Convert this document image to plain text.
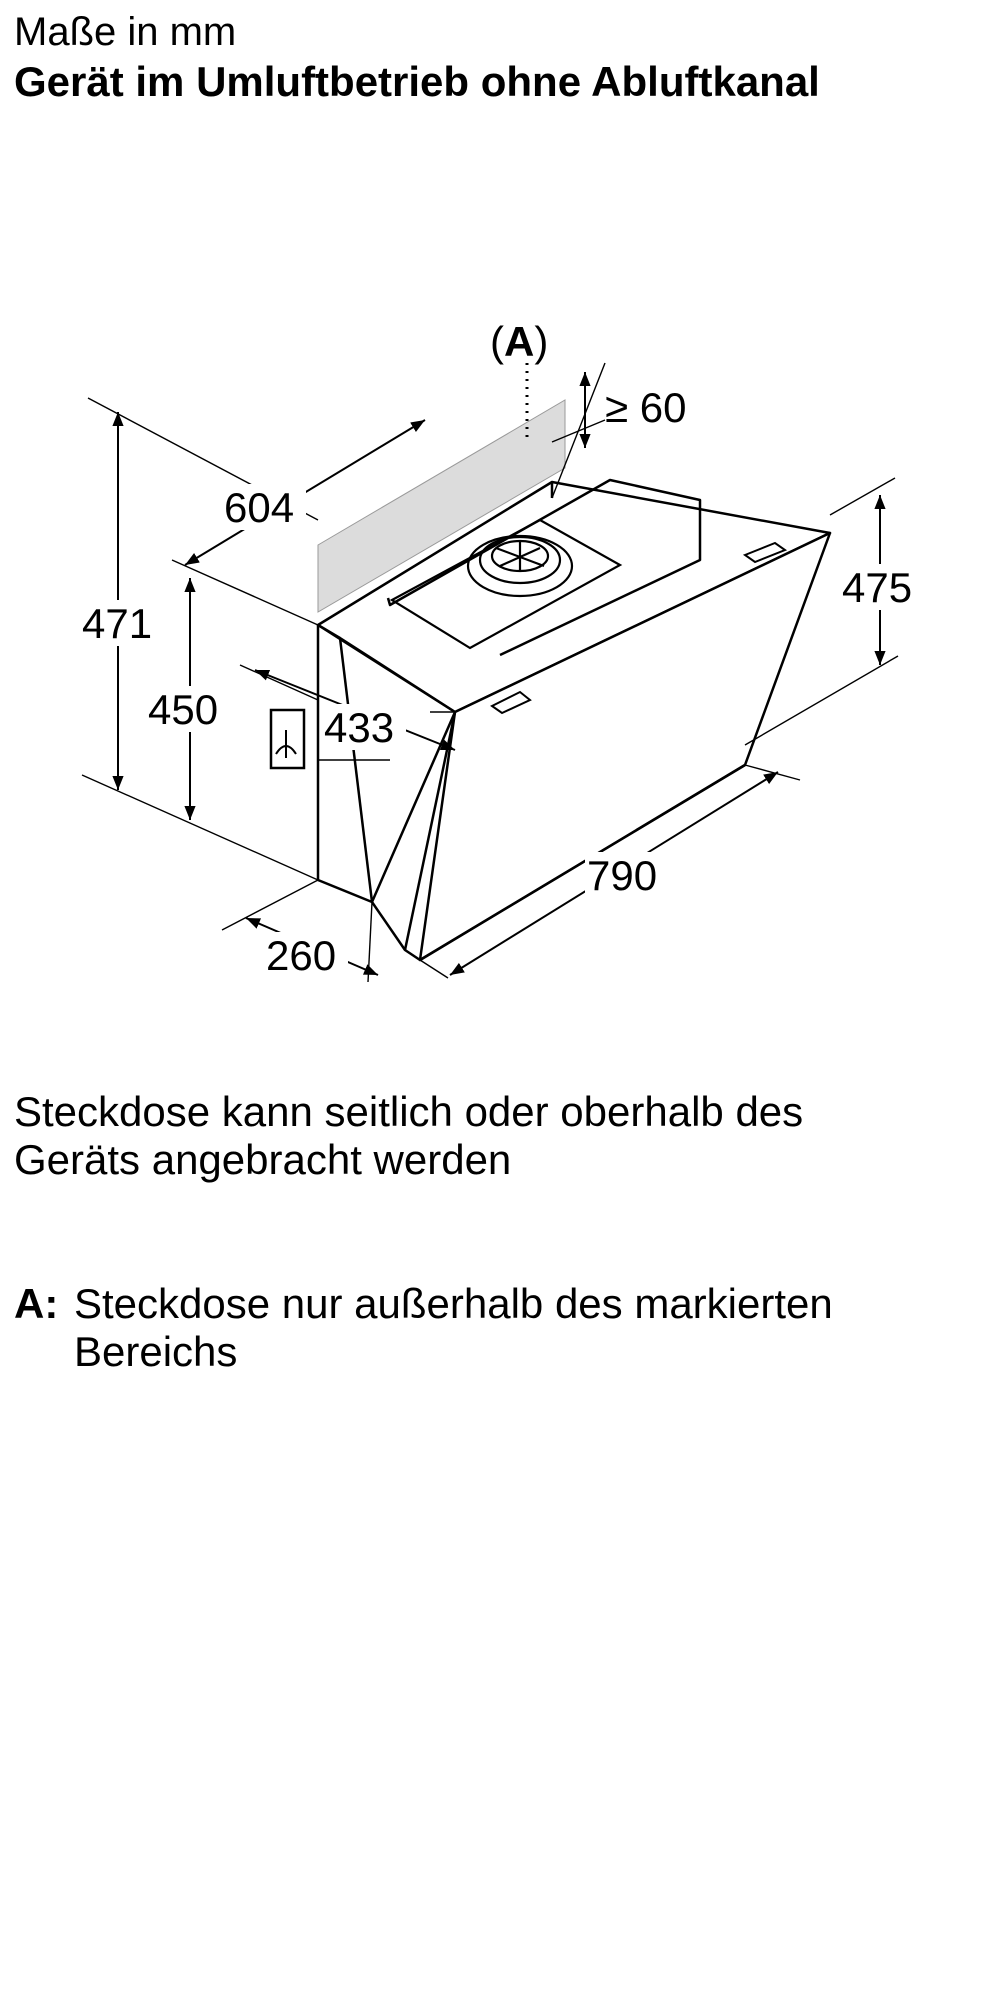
Maße in mm
Gerät im Umluftbetrieb ohne Abluftkanal
(A)
≥ 60
604
471
450	433
475
790
260
Steckdose kann seitlich oder oberhalb des
Geräts angebracht werden
A: Steckdose nur außerhalb des markierten
Bereichs
